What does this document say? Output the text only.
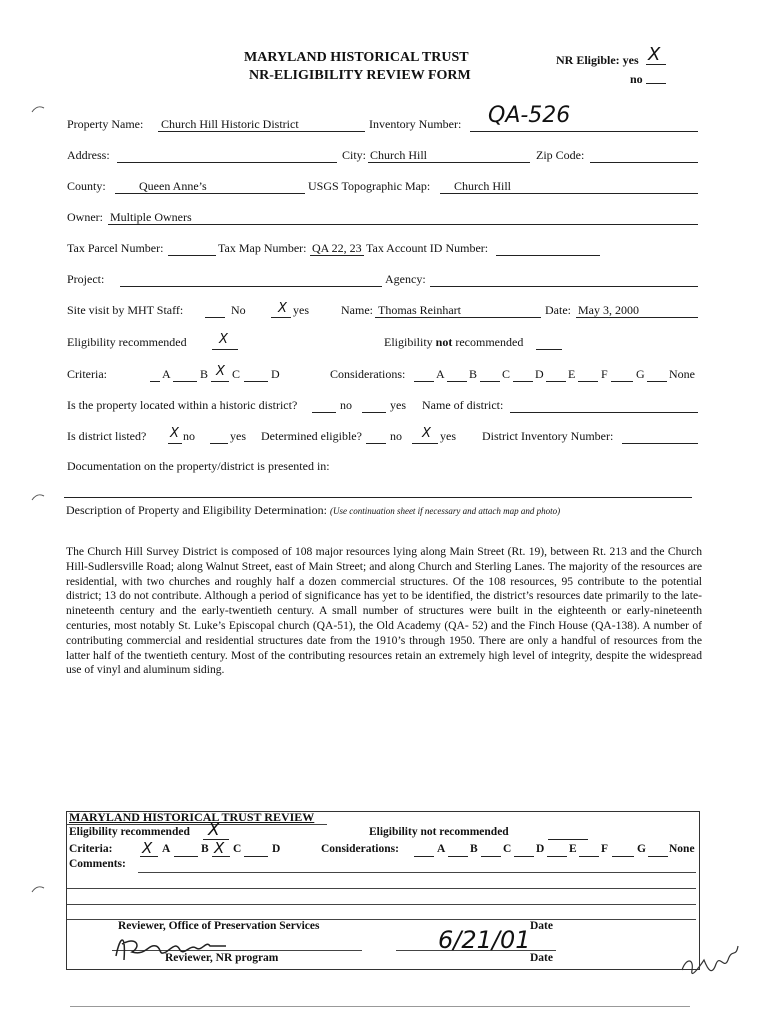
MARYLAND HISTORICAL TRUST
NR-ELIGIBILITY REVIEW FORM
NR Eligible: yes X
no
Property Name: Church Hill Historic District	Inventory Number: QA-526
Address:	City: Church Hill	Zip Code:
County:	Queen Anne’s	USGS Topographic Map: Church Hill
Owner: Multiple Owners
Tax Parcel Number:	Tax Map Number: QA 22, 23 Tax Account ID Number:
Project:	Agency:
Site visit by MHT Staff:	No X yes	Name: Thomas Reinhart	Date: May 3, 2000
Eligibility recommended X	Eligibility not recommended
Criteria:	A B X C	D	Considerations:	A B C D E F G None
Is the property located within a historic district?	no	yes Name of district:
Is district listed? X no	yes Determined eligible? no X yes District Inventory Number:
Documentation on the property/district is presented in:
Description of Property and Eligibility Determination: (Use continuation sheet if necessary and attach map and photo)
The Church Hill Survey District is composed of 108 major resources lying along Main Street (Rt. 19), between Rt. 213 and the Church Hill-Sudlersville Road; along Walnut Street, east of Main Street; and along Church and Sterling Lanes. The majority of the resources are residential, with two churches and roughly half a dozen commercial structures. Of the 108 resources, 95 contribute to the potential district; 13 do not contribute. Although a period of significance has yet to be identified, the district’s resources date primarily to the late-nineteenth century and the early-twentieth century. A small number of structures were built in the eighteenth or early-nineteenth centuries, most notably St. Luke’s Episcopal church (QA-51), the Old Academy (QA- 52) and the Finch House (QA-138). A number of contributing commercial and residential structures date from the 1910’s through 1950. There are only a handful of resources from the latter half of the twentieth century. Most of the contributing resources retain an extremely high level of integrity, despite the widespread use of vinyl and aluminum siding.
MARYLAND HISTORICAL TRUST REVIEW
Eligibility recommended X	Eligibility not recommended
Criteria: X A	B X C	D	Considerations:	A B C D E F	G None
Comments:
Reviewer, Office of Preservation Services	Date
Reviewer, NR program	Date
6/21/01
